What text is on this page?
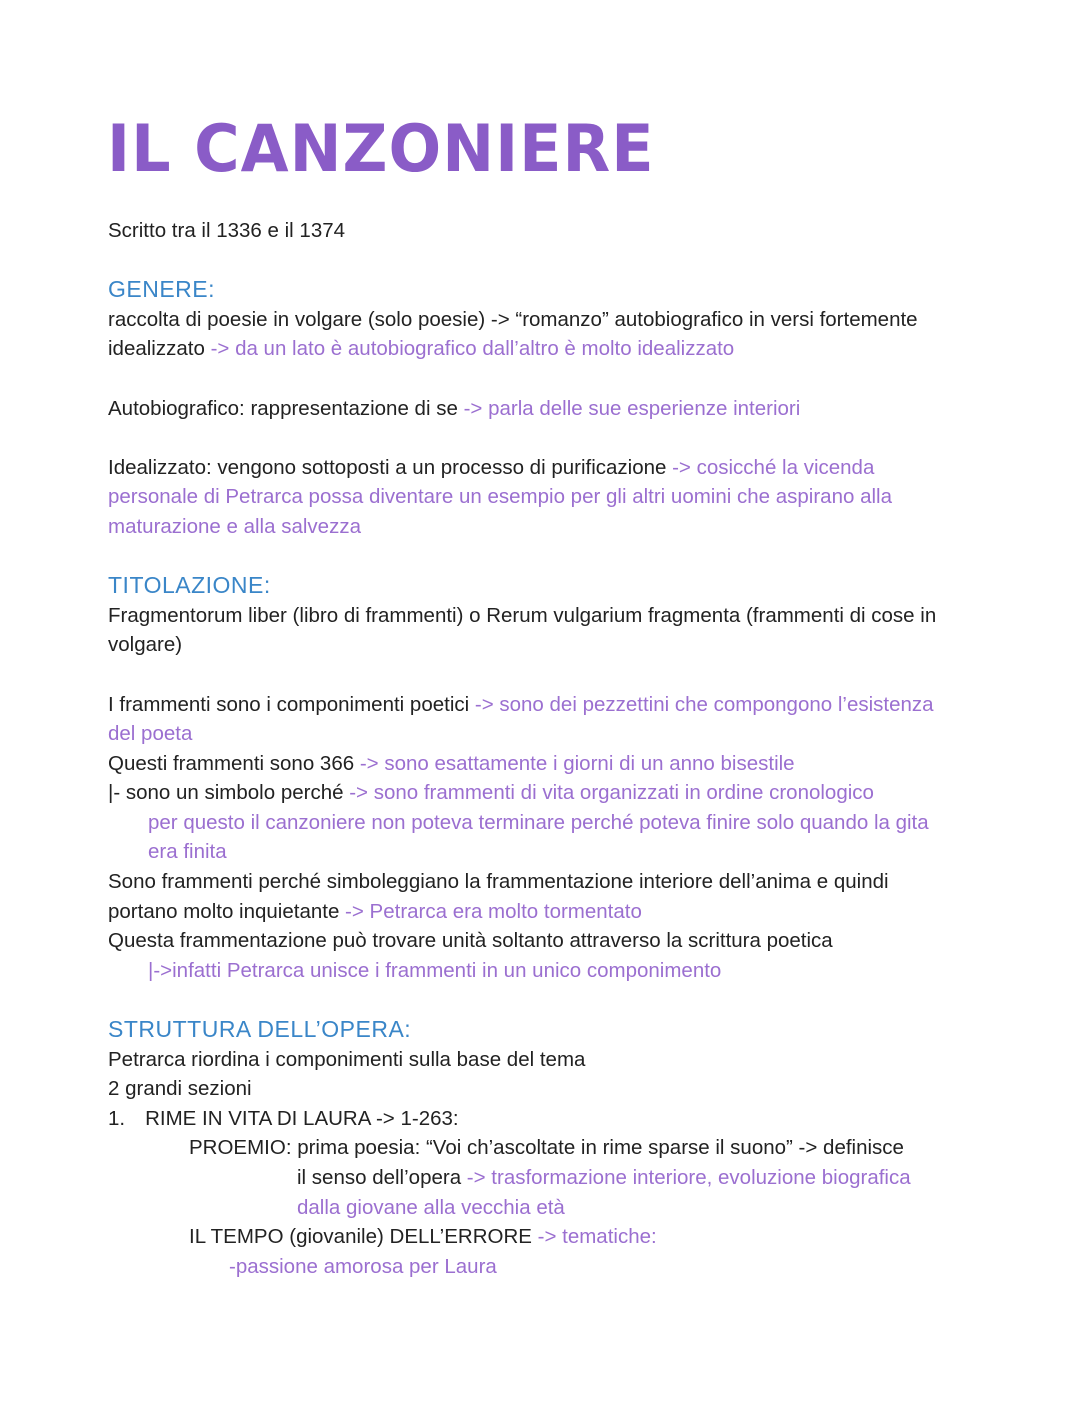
IL CANZONIERE
Scritto tra il 1336 e il 1374
GENERE:
raccolta di poesie in volgare (solo poesie) -> “romanzo” autobiografico in versi fortemente
idealizzato -> da un lato è autobiografico dall’altro è molto idealizzato
Autobiografico: rappresentazione di se -> parla delle sue esperienze interiori
Idealizzato: vengono sottoposti a un processo di purificazione -> cosicché la vicenda
personale di Petrarca possa diventare un esempio per gli altri uomini che aspirano alla
maturazione e alla salvezza
TITOLAZIONE:
Fragmentorum liber (libro di frammenti) o Rerum vulgarium fragmenta (frammenti di cose in
volgare)
I frammenti sono i componimenti poetici -> sono dei pezzettini che compongono l’esistenza
del poeta
Questi frammenti sono 366 -> sono esattamente i giorni di un anno bisestile
|- sono un simbolo perché -> sono frammenti di vita organizzati in ordine cronologico
per questo il canzoniere non poteva terminare perché poteva finire solo quando la gita
era finita
Sono frammenti perché simboleggiano la frammentazione interiore dell’anima e quindi
portano molto inquietante -> Petrarca era molto tormentato
Questa frammentazione può trovare unità soltanto attraverso la scrittura poetica
|->infatti Petrarca unisce i frammenti in un unico componimento
STRUTTURA DELL’OPERA:
Petrarca riordina i componimenti sulla base del tema
2 grandi sezioni
1. RIME IN VITA DI LAURA -> 1-263:
PROEMIO: prima poesia: “Voi ch’ascoltate in rime sparse il suono” -> definisce
il senso dell’opera -> trasformazione interiore, evoluzione biografica
dalla giovane alla vecchia età
IL TEMPO (giovanile) DELL’ERRORE -> tematiche:
-passione amorosa per Laura
